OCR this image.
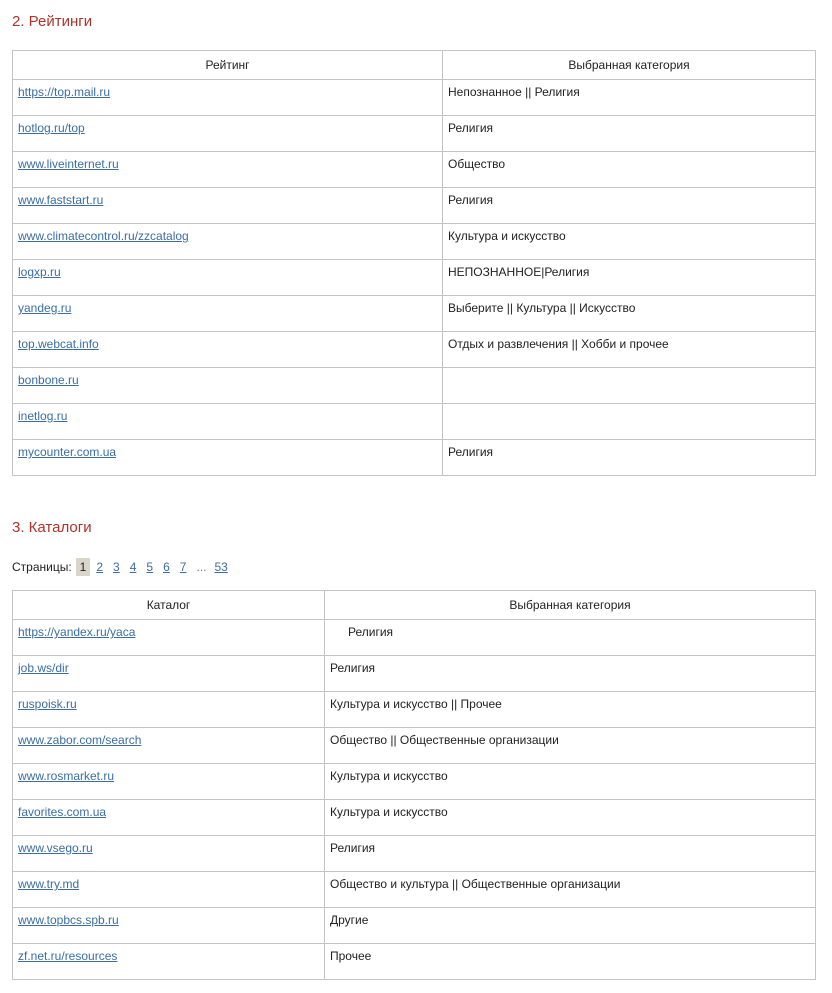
2. Рейтинги
Рейтинг	Выбранная категория
https://top.mail.ru	Непознанное || Религия
hotlog.ru/top	Религия
www.liveinternet.ru	Общество
www.faststart.ru	Религия
www.climatecontrol.ru/zzcatalog	Культура и искусство
logxp.ru	НЕПОЗНАННОЕ|Религия
yandeg.ru	Выберите || Культура || Искусство
top.webcat.info	Отдых и развлечения || Хобби и прочее
bonbone.ru	
inetlog.ru	
mycounter.com.ua	Религия
3. Каталоги
Страницы: 1 2 3 4 5 6 7 ... 53
Каталог	Выбранная категория
https://yandex.ru/yaca	Религия
job.ws/dir	Религия
ruspoisk.ru	Культура и искусство || Прочее
www.zabor.com/search	Общество || Общественные организации
www.rosmarket.ru	Культура и искусство
favorites.com.ua	Культура и искусство
www.vsego.ru	Религия
www.try.md	Общество и культура || Общественные организации
www.topbcs.spb.ru	Другие
zf.net.ru/resources	Прочее
